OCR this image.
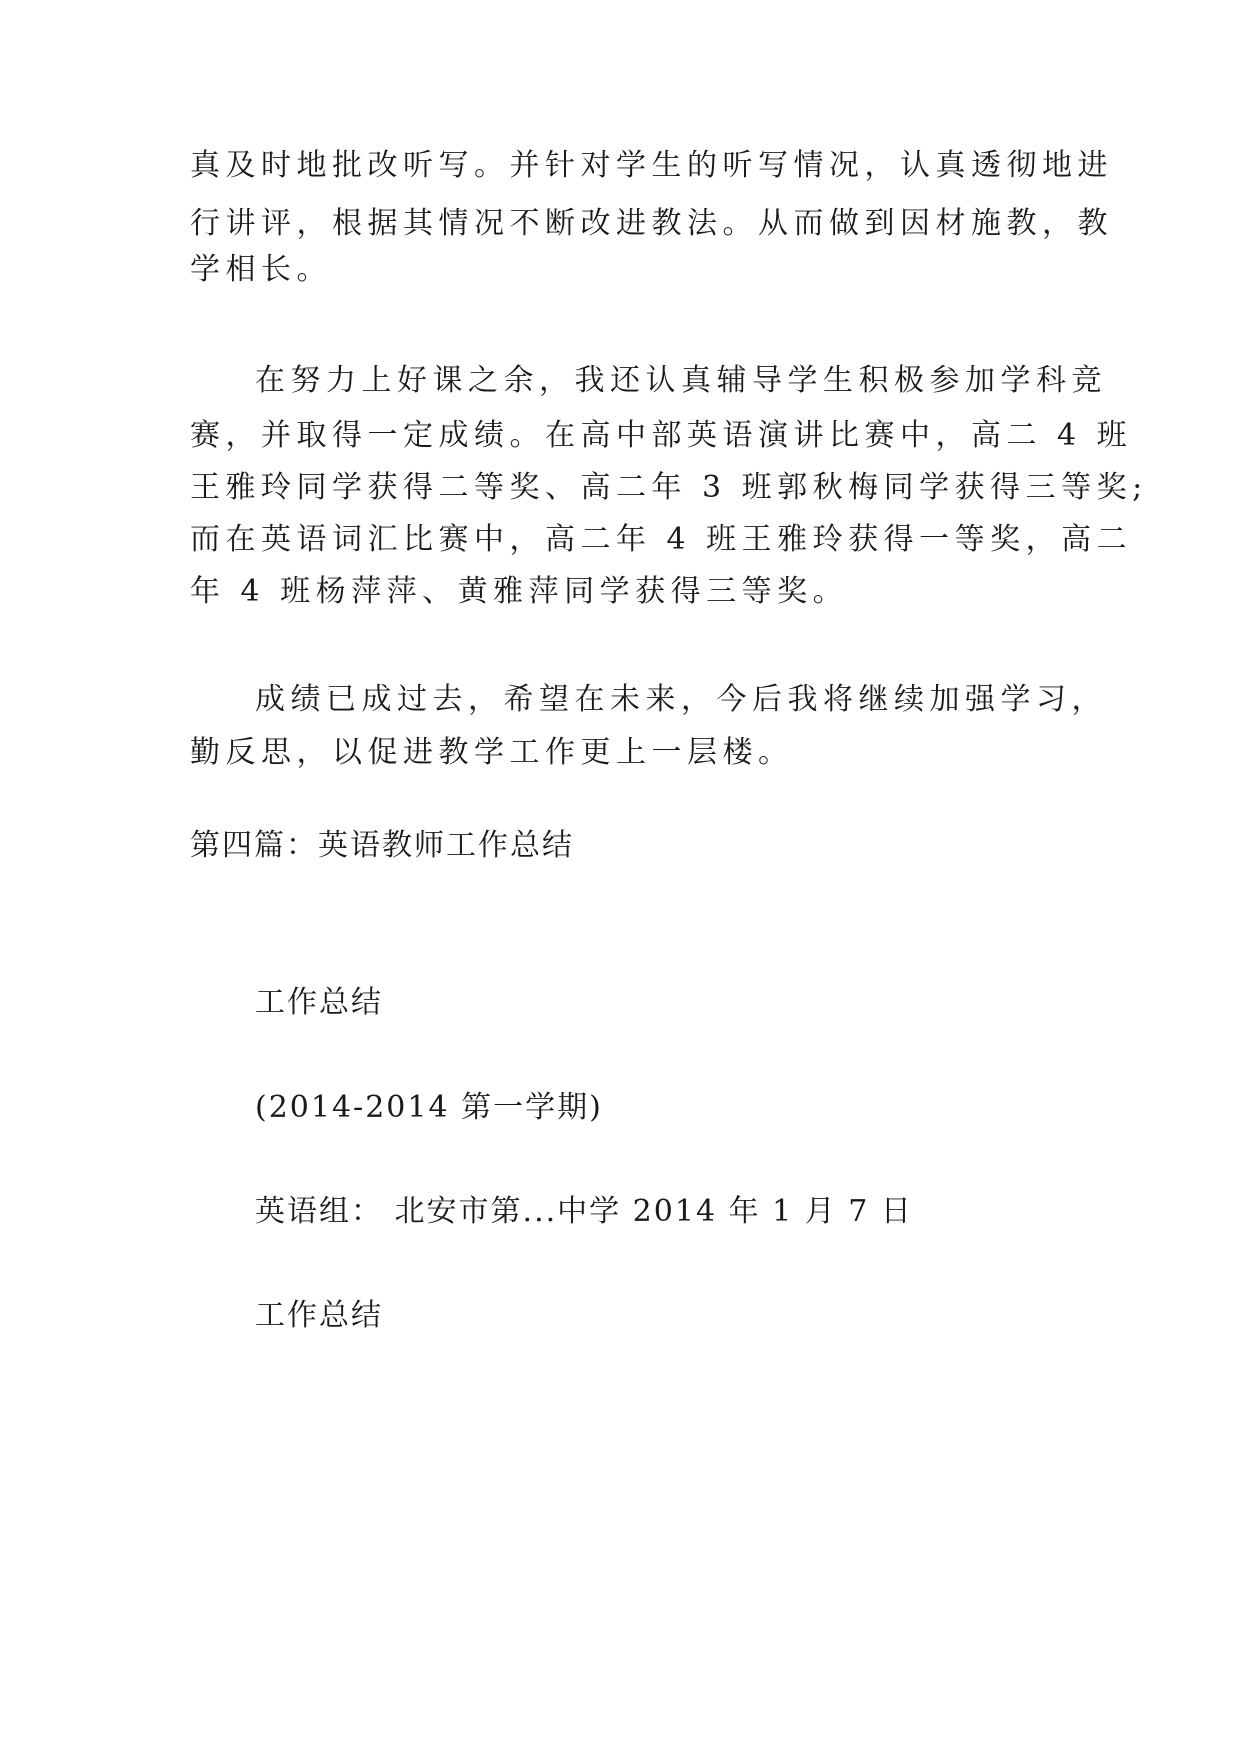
真及时地批改听写。并针对学生的听写情况，认真透彻地进

行讲评，根据其情况不断改进教法。从而做到因材施教，教

学相长。

在努力上好课之余，我还认真辅导学生积极参加学科竞

赛，并取得一定成绩。在高中部英语演讲比赛中，高二 4 班

王雅玲同学获得二等奖、高二年 3 班郭秋梅同学获得三等奖;

而在英语词汇比赛中，高二年 4 班王雅玲获得一等奖，高二

年 4 班杨萍萍、黄雅萍同学获得三等奖。

成绩已成过去，希望在未来，今后我将继续加强学习，

勤反思，以促进教学工作更上一层楼。

第四篇：英语教师工作总结

工作总结

(2014-2014 第一学期)

英语组： 北安市第...中学 2014 年 1 月 7 日

工作总结
